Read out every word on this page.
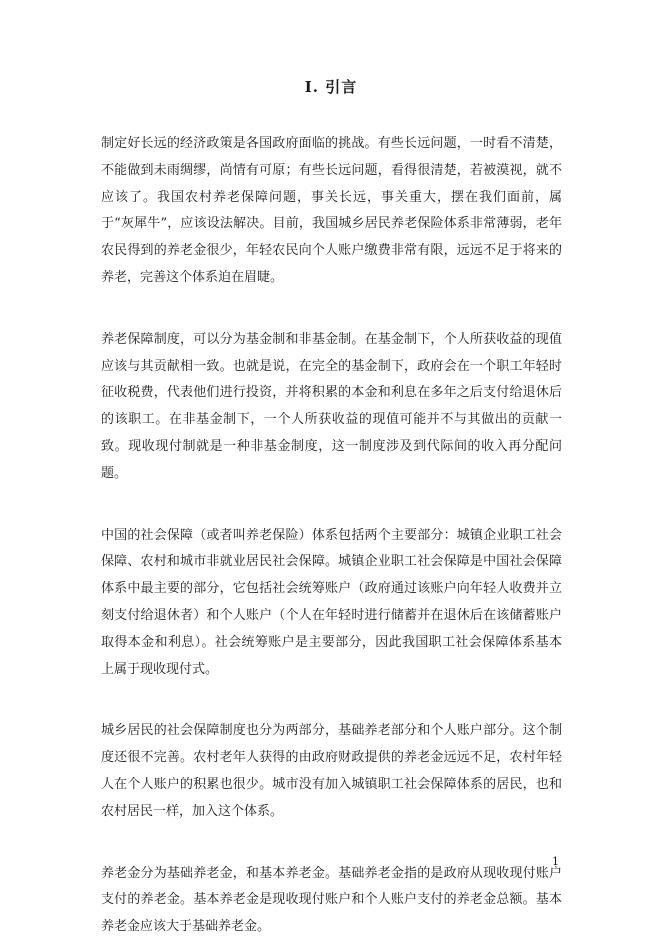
I. 引言

制定好长远的经济政策是各国政府面临的挑战。有些长远问题，一时看不清楚，不能做到未雨绸缪，尚情有可原；有些长远问题，看得很清楚，若被漠视，就不应该了。我国农村养老保障问题，事关长远，事关重大，摆在我们面前，属于“灰犀牛”，应该设法解决。目前，我国城乡居民养老保险体系非常薄弱，老年农民得到的养老金很少，年轻农民向个人账户缴费非常有限，远远不足于将来的养老，完善这个体系迫在眉睫。

养老保障制度，可以分为基金制和非基金制。在基金制下，个人所获收益的现值应该与其贡献相一致。也就是说，在完全的基金制下，政府会在一个职工年轻时征收税费，代表他们进行投资，并将积累的本金和利息在多年之后支付给退休后的该职工。在非基金制下，一个人所获收益的现值可能并不与其做出的贡献一致。现收现付制就是一种非基金制度，这一制度涉及到代际间的收入再分配问题。

中国的社会保障（或者叫养老保险）体系包括两个主要部分：城镇企业职工社会保障、农村和城市非就业居民社会保障。城镇企业职工社会保障是中国社会保障体系中最主要的部分，它包括社会统筹账户（政府通过该账户向年轻人收费并立刻支付给退休者）和个人账户（个人在年轻时进行储蓄并在退休后在该储蓄账户取得本金和利息）。社会统筹账户是主要部分，因此我国职工社会保障体系基本上属于现收现付式。

城乡居民的社会保障制度也分为两部分，基础养老部分和个人账户部分。这个制度还很不完善。农村老年人获得的由政府财政提供的养老金远远不足，农村年轻人在个人账户的积累也很少。城市没有加入城镇职工社会保障体系的居民，也和农村居民一样，加入这个体系。

养老金分为基础养老金，和基本养老金。基础养老金指的是政府从现收现付账户支付的养老金。基本养老金是现收现付账户和个人账户支付的养老金总额。基本养老金应该大于基础养老金。

1
